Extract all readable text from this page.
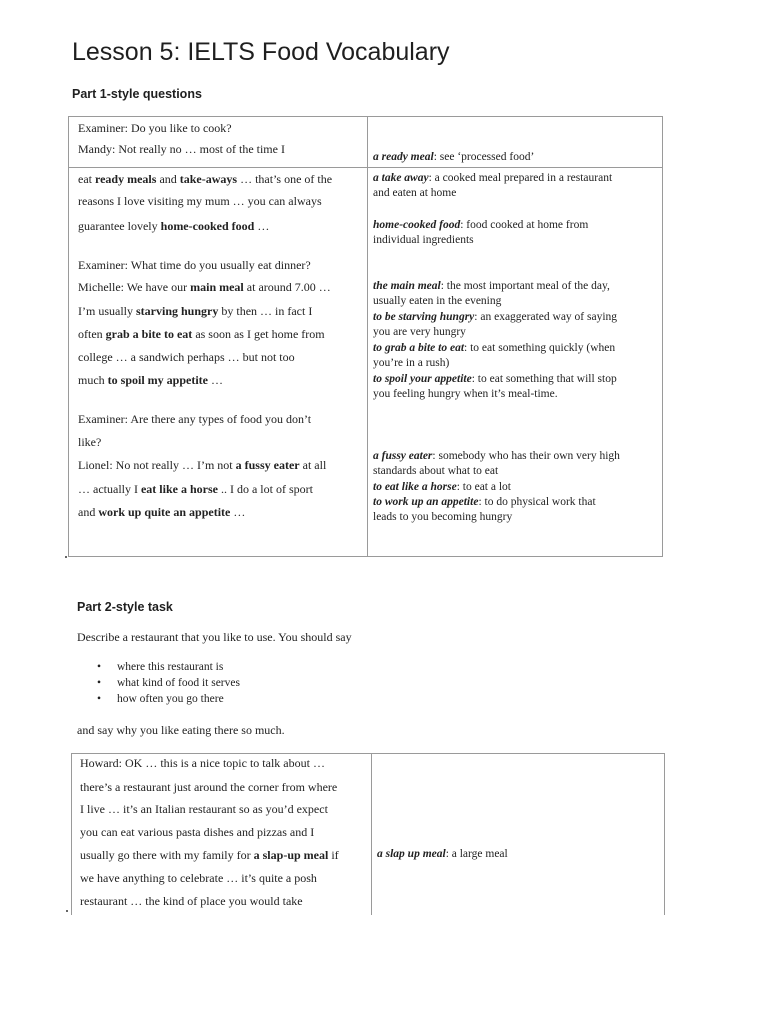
Lesson 5: IELTS Food Vocabulary
Part 1-style questions
Examiner: Do you like to cook?
Mandy: Not really no … most of the time I
a ready meal: see ‘processed food’
eat ready meals and take-aways … that’s one of the
reasons I love visiting my mum … you can always
guarantee lovely home-cooked food …
Examiner: What time do you usually eat dinner?
Michelle: We have our main meal at around 7.00 …
I’m usually starving hungry by then … in fact I
often grab a bite to eat as soon as I get home from
college … a sandwich perhaps … but not too
much to spoil my appetite …
Examiner: Are there any types of food you don’t
like?
Lionel: No not really … I’m not a fussy eater at all
… actually I eat like a horse .. I do a lot of sport
and work up quite an appetite …
a take away: a cooked meal prepared in a restaurant
and eaten at home
home-cooked food: food cooked at home from
individual ingredients
the main meal: the most important meal of the day,
usually eaten in the evening
to be starving hungry: an exaggerated way of saying
you are very hungry
to grab a bite to eat: to eat something quickly (when
you’re in a rush)
to spoil your appetite: to eat something that will stop
you feeling hungry when it’s meal-time.
a fussy eater: somebody who has their own very high
standards about what to eat
to eat like a horse: to eat a lot
to work up an appetite: to do physical work that
leads to you becoming hungry
Part 2-style task
Describe a restaurant that you like to use. You should say
• where this restaurant is
• what kind of food it serves
• how often you go there
and say why you like eating there so much.
Howard: OK … this is a nice topic to talk about …
there’s a restaurant just around the corner from where
I live … it’s an Italian restaurant so as you’d expect
you can eat various pasta dishes and pizzas and I
usually go there with my family for a slap-up meal if
we have anything to celebrate … it’s quite a posh
restaurant … the kind of place you would take
a slap up meal: a large meal
